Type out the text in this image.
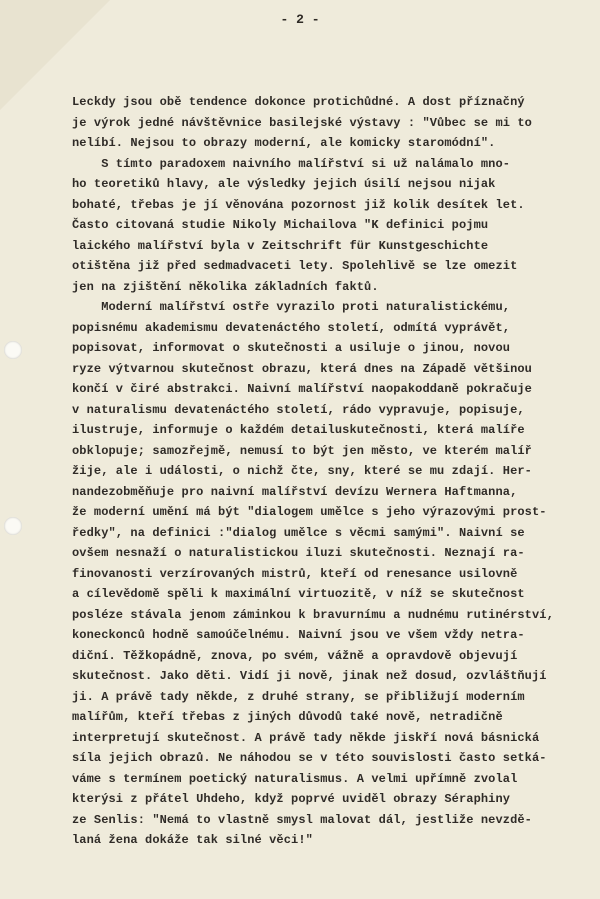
- 2 -
Leckdy jsou obě tendence dokonce protichůdné. A dost příznačný
je výrok jedné návštěvnice basilejské výstavy : "Vůbec se mi to
nelíbí. Nejsou to obrazy moderní, ale komicky staromódní".
S tímto paradoxem naivního malířství si už nalámalo mno-
ho teoretiků hlavy, ale výsledky jejich úsilí nejsou nijak
bohaté, třebas je jí věnována pozornost již kolik desítek let.
Často citovaná studie Nikoly Michailova "K definici pojmu
laického malířství byla v Zeitschrift für Kunstgeschichte
otištěna již před sedmadvaceti lety. Spolehlivě se lze omezit
jen na zjištění několika základních faktů.
Moderní malířství ostře vyrazilo proti naturalistickému,
popisnému akademismu devatenáctého století, odmítá vyprávět,
popisovat, informovat o skutečnosti a usiluje o jinou, novou
ryze výtvarnou skutečnost obrazu, která dnes na Západě většinou
končí v čiré abstrakci. Naivní malířství naopakoddaně pokračuje
v naturalismu devatenáctého století, rádo vypravuje, popisuje,
ilustruje, informuje o každém detailuskutečnosti, která malíře
obklopuje; samozřejmě, nemusí to být jen město, ve kterém malíř
žije, ale i události, o nichž čte, sny, které se mu zdají. Her-
nandezobměňuje pro naivní malířství devízu Wernera Haftmanna,
že moderní umění má být "dialogem umělce s jeho výrazovými prost-
ředky", na definici :"dialog umělce s věcmi samými". Naivní se
ovšem nesnaží o naturalistickou iluzi skutečnosti. Neznají ra-
finovanosti verzírovaných mistrů, kteří od renesance usilovně
a cílevědomě spěli k maximální virtuozitě, v níž se skutečnost
posléze stávala jenom záminkou k bravurnímu a nudnému rutinérství,
koneckonců hodně samoúčelnému. Naivní jsou ve všem vždy netra-
diční. Těžkopádně, znova, po svém, vážně a opravdově objevují
skutečnost. Jako děti. Vidí ji nově, jinak než dosud, ozvláštňují
ji. A právě tady někde, z druhé strany, se přibližují moderním
malířům, kteří třebas z jiných důvodů také nově, netradičně
interpretují skutečnost. A právě tady někde jiskří nová básnická
síla jejich obrazů. Ne náhodou se v této souvislosti často setká-
váme s termínem poetický naturalismus. A velmi upřímně zvolal
kterýsi z přátel Uhdeho, když poprvé uviděl obrazy Séraphiny
ze Senlis: "Nemá to vlastně smysl malovat dál, jestliže nevzdě-
laná žena dokáže tak silné věci!"
